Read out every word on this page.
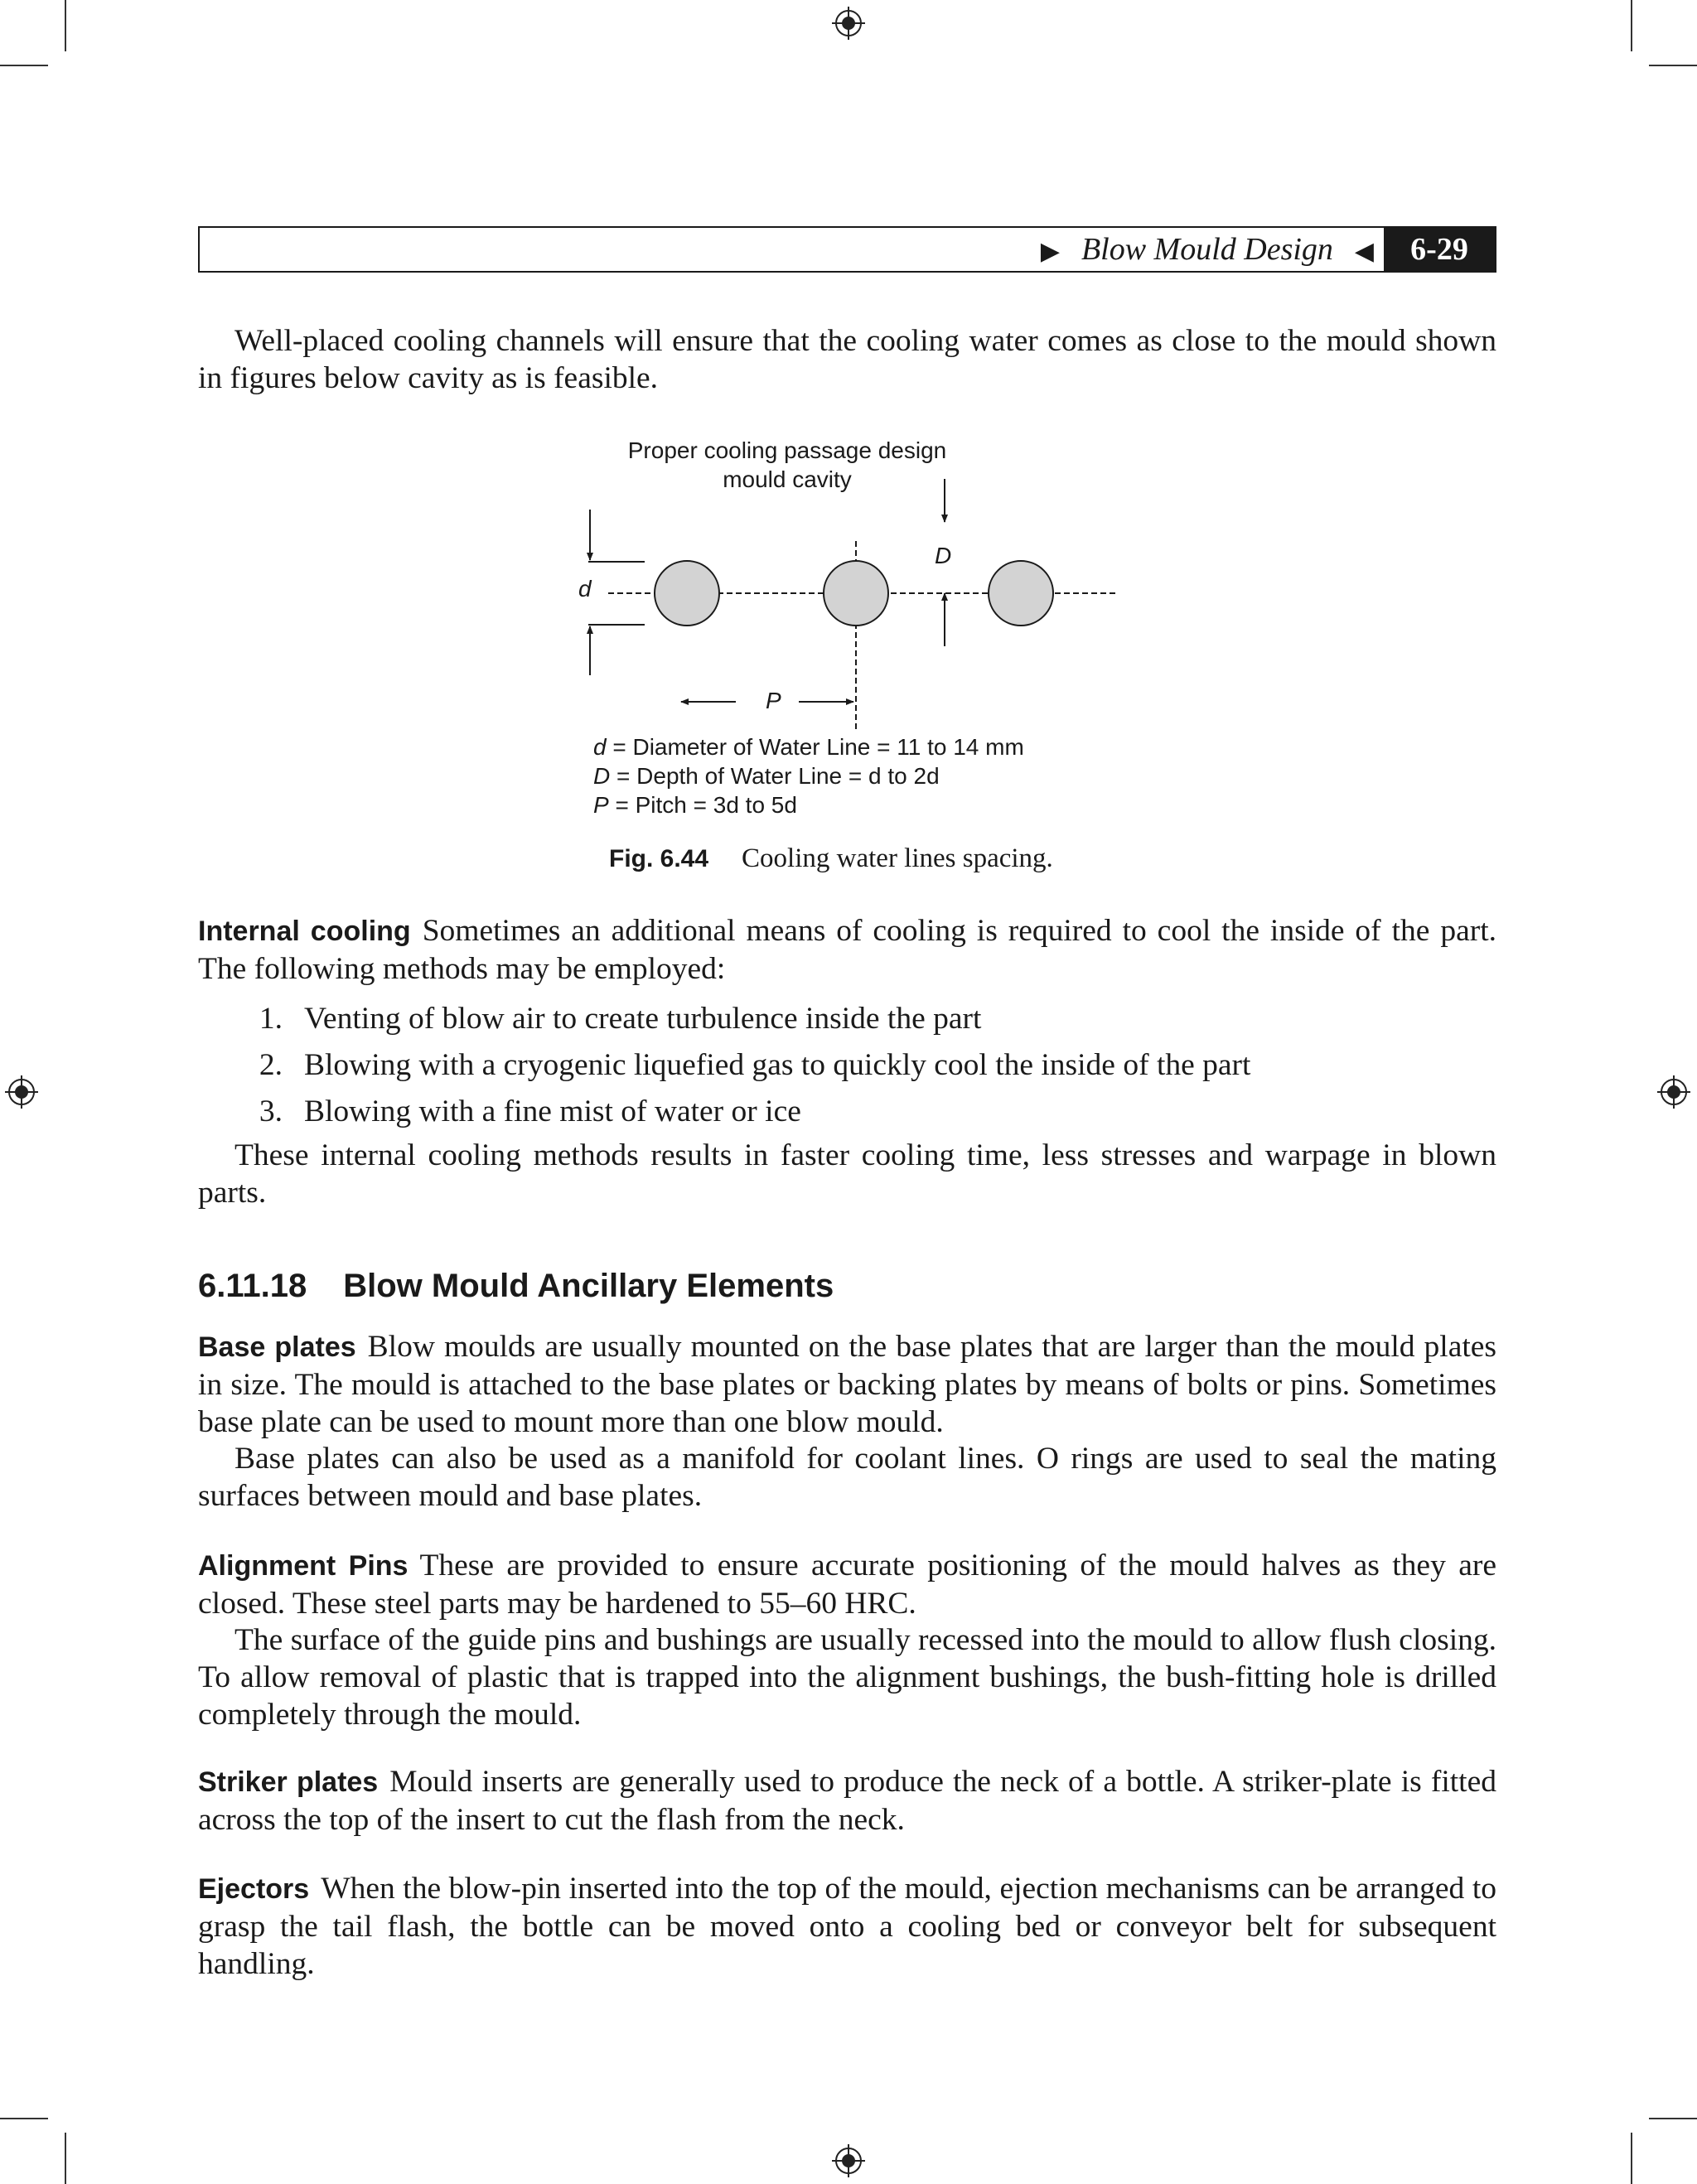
▶ Blow Mould Design ◀	6-29
Well-placed cooling channels will ensure that the cooling water comes as close to the mould shown in figures below cavity as is feasible.
Proper cooling passage design
mould cavity
D
d
P
d = Diameter of Water Line = 11 to 14 mm
D = Depth of Water Line = d to 2d
P = Pitch = 3d to 5d
Fig. 6.44 Cooling water lines spacing.
Internal cooling Sometimes an additional means of cooling is required to cool the inside of the part. The following methods may be employed:
1. Venting of blow air to create turbulence inside the part
2. Blowing with a cryogenic liquefied gas to quickly cool the inside of the part
3. Blowing with a fine mist of water or ice
These internal cooling methods results in faster cooling time, less stresses and warpage in blown parts.
6.11.18 Blow Mould Ancillary Elements
Base plates Blow moulds are usually mounted on the base plates that are larger than the mould plates in size. The mould is attached to the base plates or backing plates by means of bolts or pins. Sometimes base plate can be used to mount more than one blow mould.
Base plates can also be used as a manifold for coolant lines. O rings are used to seal the mating surfaces between mould and base plates.
Alignment Pins These are provided to ensure accurate positioning of the mould halves as they are closed. These steel parts may be hardened to 55–60 HRC.
The surface of the guide pins and bushings are usually recessed into the mould to allow flush closing. To allow removal of plastic that is trapped into the alignment bushings, the bush-fitting hole is drilled completely through the mould.
Striker plates Mould inserts are generally used to produce the neck of a bottle. A striker-plate is fitted across the top of the insert to cut the flash from the neck.
Ejectors When the blow-pin inserted into the top of the mould, ejection mechanisms can be arranged to grasp the tail flash, the bottle can be moved onto a cooling bed or conveyor belt for subsequent handling.
